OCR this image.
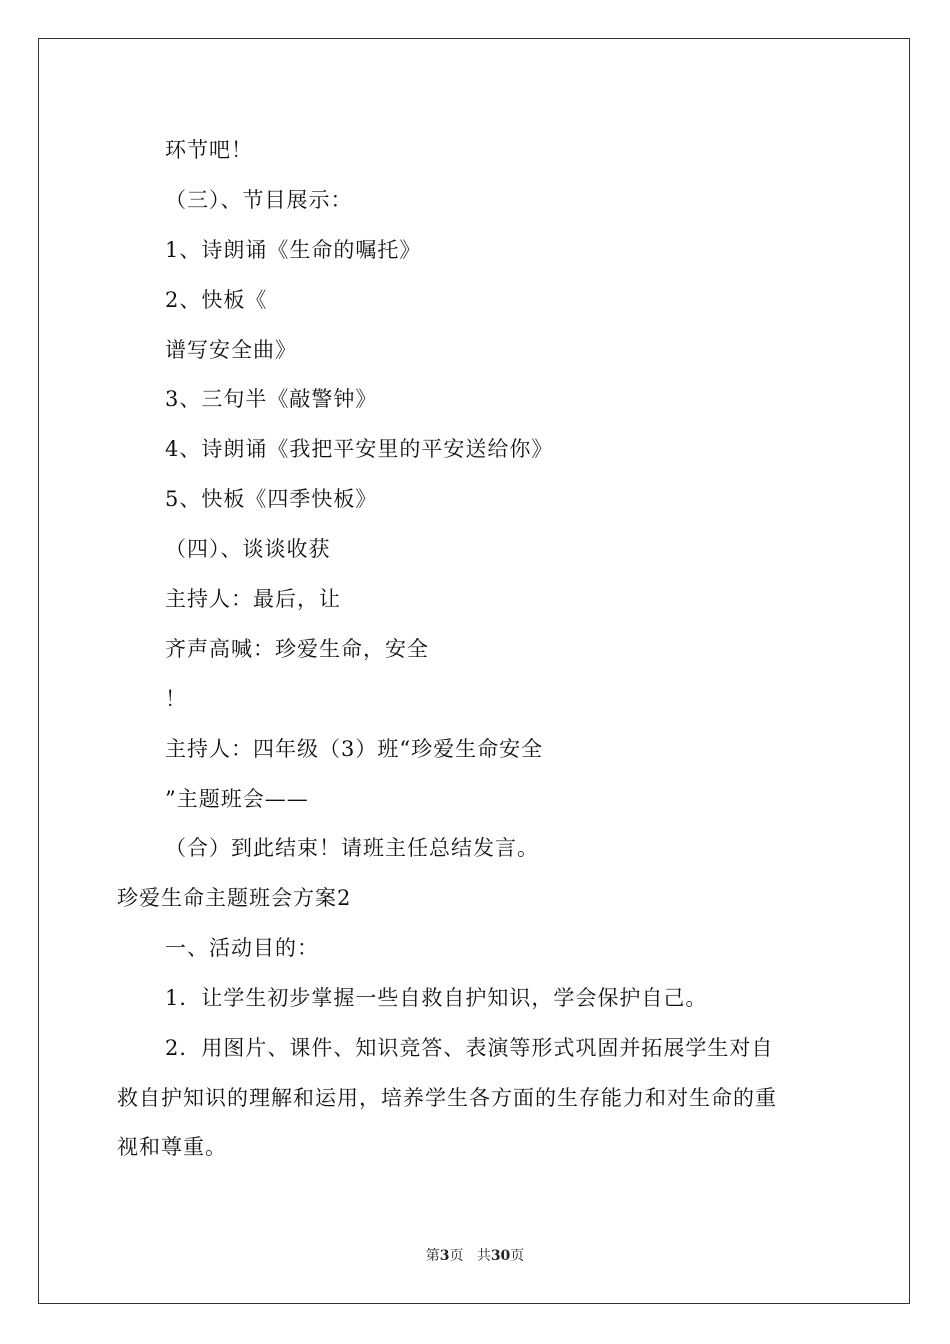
环节吧！
（三）、节目展示：
1、诗朗诵《生命的嘱托》
2、快板《
谱写安全曲》
3、三句半《敲警钟》
4、诗朗诵《我把平安里的平安送给你》
5、快板《四季快板》
（四）、谈谈收获
主持人：最后，让
齐声高喊：珍爱生命，安全
！
主持人：四年级（3）班“珍爱生命安全
”主题班会——
（合）到此结束！请班主任总结发言。
珍爱生命主题班会方案2
一、活动目的：
1．让学生初步掌握一些自救自护知识，学会保护自己。
2．用图片、课件、知识竞答、表演等形式巩固并拓展学生对自
救自护知识的理解和运用，培养学生各方面的生存能力和对生命的重
视和尊重。
第3页 共30页
